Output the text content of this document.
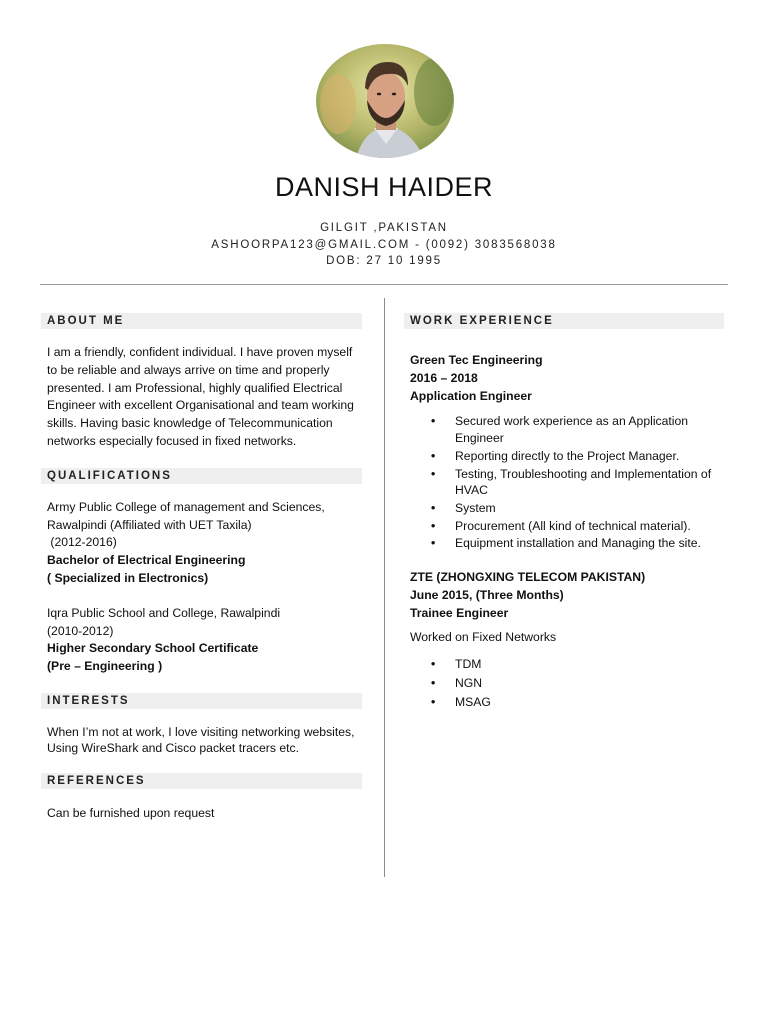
DANISH HAIDER
GILGIT ,PAKISTAN
ASHOORPA123@GMAIL.COM - (0092) 3083568038
DOB: 27 10 1995
ABOUT ME
I am a friendly, confident individual. I have proven myself to be reliable and always arrive on time and properly presented. I am Professional, highly qualified Electrical Engineer with excellent Organisational and team working skills. Having basic knowledge of Telecommunication networks especially focused in fixed networks.
QUALIFICATIONS
Army Public College of management and Sciences, Rawalpindi (Affiliated with UET Taxila)
(2012-2016)
Bachelor of Electrical Engineering
( Specialized in Electronics)
Iqra Public School and College, Rawalpindi
(2010-2012)
Higher Secondary School Certificate
(Pre – Engineering )
INTERESTS
When I’m not at work, I love visiting networking websites, Using WireShark and Cisco packet tracers etc.
REFERENCES
Can be furnished upon request
WORK EXPERIENCE
Green Tec Engineering
2016 – 2018
Application Engineer
• Secured work experience as an Application Engineer
• Reporting directly to the Project Manager.
• Testing, Troubleshooting and Implementation of HVAC
• System
• Procurement (All kind of technical material).
• Equipment installation and Managing the site.
ZTE (ZHONGXING TELECOM PAKISTAN)
June 2015, (Three Months)
Trainee Engineer
Worked on Fixed Networks
• TDM
• NGN
• MSAG
